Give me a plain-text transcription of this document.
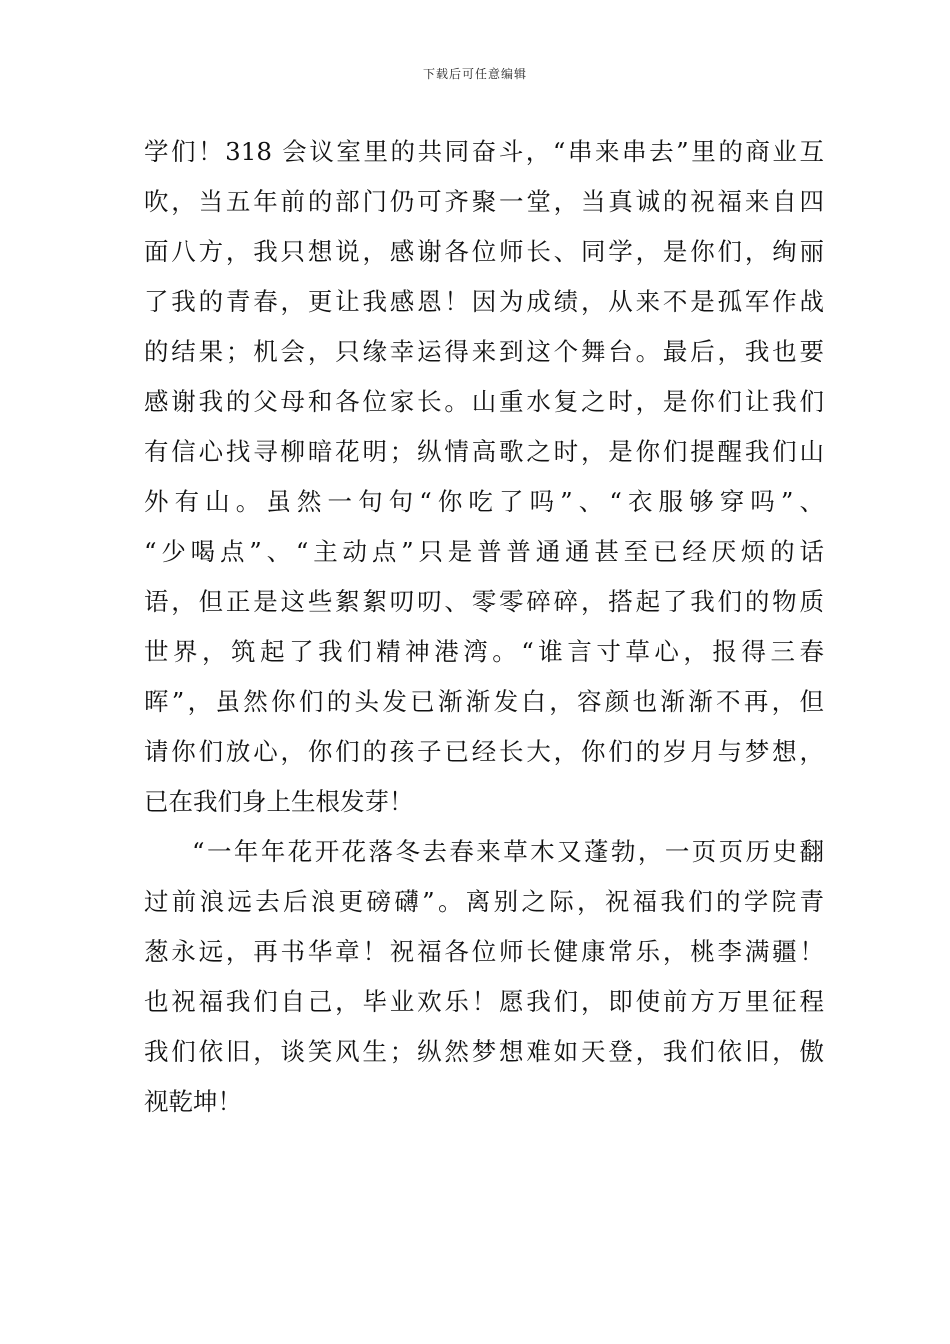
下载后可任意编辑
学们！318 会议室里的共同奋斗，“串来串去”里的商业互
吹，当五年前的部门仍可齐聚一堂，当真诚的祝福来自四
面八方，我只想说，感谢各位师长、同学，是你们，绚丽
了我的青春，更让我感恩！因为成绩，从来不是孤军作战
的结果；机会，只缘幸运得来到这个舞台。最后，我也要
感谢我的父母和各位家长。山重水复之时，是你们让我们
有信心找寻柳暗花明；纵情高歌之时，是你们提醒我们山
外有山。虽然一句句“你吃了吗”、“衣服够穿吗”、
“少喝点”、“主动点”只是普普通通甚至已经厌烦的话
语，但正是这些絮絮叨叨、零零碎碎，搭起了我们的物质
世界，筑起了我们精神港湾。“谁言寸草心，报得三春
晖”，虽然你们的头发已渐渐发白，容颜也渐渐不再，但
请你们放心，你们的孩子已经长大，你们的岁月与梦想，
已在我们身上生根发芽！
“一年年花开花落冬去春来草木又蓬勃，一页页历史翻
过前浪远去后浪更磅礴”。离别之际，祝福我们的学院青
葱永远，再书华章！祝福各位师长健康常乐，桃李满疆！
也祝福我们自己，毕业欢乐！愿我们，即使前方万里征程
我们依旧，谈笑风生；纵然梦想难如天登，我们依旧，傲
视乾坤！
